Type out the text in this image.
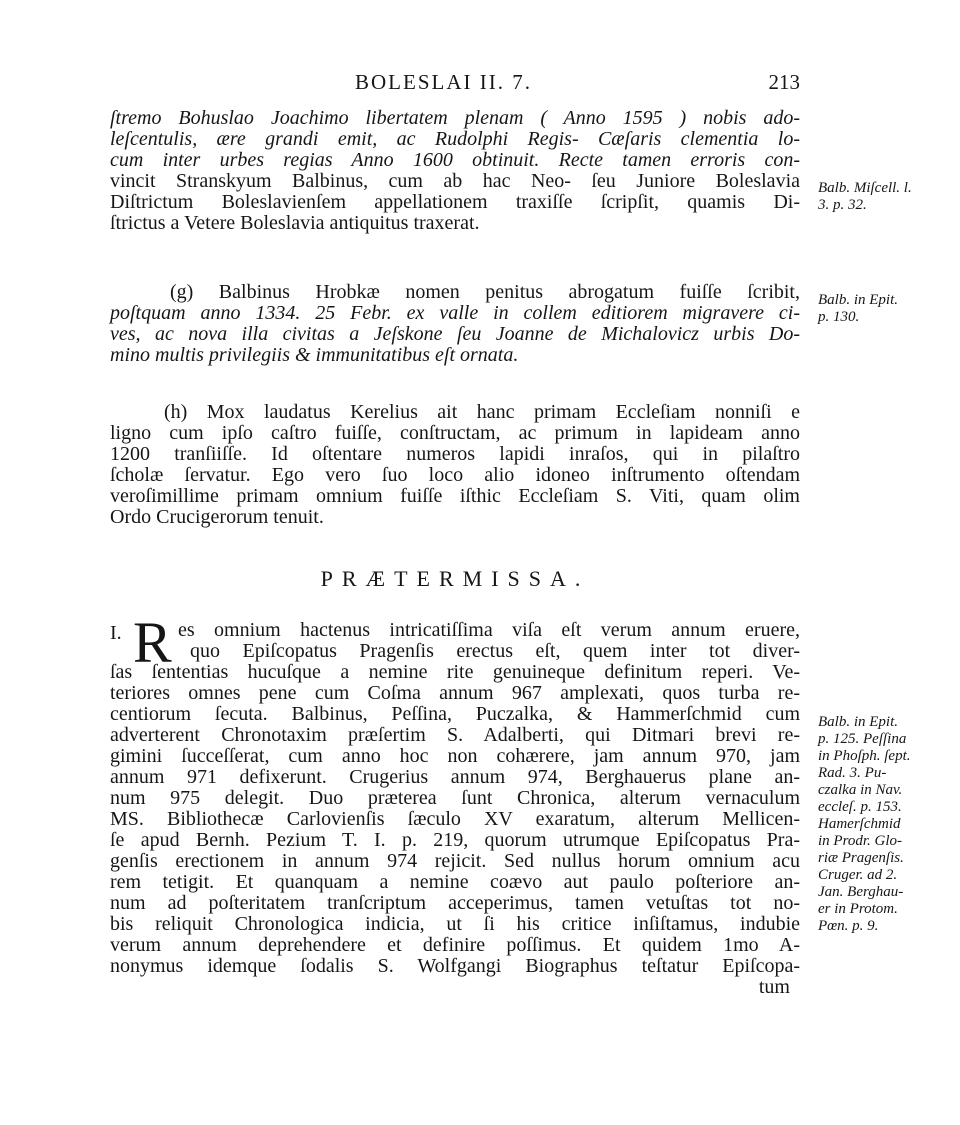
BOLESLAI II. 7.	213
ſtremo Bohuslao Joachimo libertatem plenam ( Anno 1595 ) nobis ado-
leſcentulis, ære grandi emit, ac Rudolphi Regis- Cæſaris clementia lo-
cum inter urbes regias Anno 1600 obtinuit. Recte tamen erroris con-
vincit Stranskyum Balbinus, cum ab hac Neo- ſeu Juniore Boleslavia
Diſtrictum Boleslavienſem appellationem traxiſſe ſcripſit, quamis Di-
ſtrictus a Vetere Boleslavia antiquitus traxerat.
(g) Balbinus Hrobkæ nomen penitus abrogatum fuiſſe ſcribit,
poſtquam anno 1334. 25 Febr. ex valle in collem editiorem migravere ci-
ves, ac nova illa civitas a Jeſskone ſeu Joanne de Michalovicz urbis Do-
mino multis privilegiis & immunitatibus eſt ornata.
(h) Mox laudatus Kerelius ait hanc primam Eccleſiam nonniſi e
ligno cum ipſo caſtro fuiſſe, conſtructam, ac primum in lapideam anno
1200 tranſiiſſe. Id oſtentare numeros lapidi inraſos, qui in pilaſtro
ſcholæ ſervatur. Ego vero ſuo loco alio idoneo inſtrumento oſtendam
veroſimillime primam omnium fuiſſe iſthic Eccleſiam S. Viti, quam olim
Ordo Crucigerorum tenuit.
PRÆTERMISSA.
I. R es omnium hactenus intricatiſſima viſa eſt verum annum eruere,
quo Epiſcopatus Pragenſis erectus eſt, quem inter tot diver-
ſas ſententias hucuſque a nemine rite genuineque definitum reperi. Ve-
teriores omnes pene cum Coſma annum 967 amplexati, quos turba re-
centiorum ſecuta. Balbinus, Peſſina, Puczalka, & Hammerſchmid cum
adverterent Chronotaxim præſertim S. Adalberti, qui Ditmari brevi re-
gimini ſucceſſerat, cum anno hoc non cohærere, jam annum 970, jam
annum 971 defixerunt. Crugerius annum 974, Berghauerus plane an-
num 975 delegit. Duo præterea ſunt Chronica, alterum vernaculum
MS. Bibliothecæ Carlovienſis ſæculo XV exaratum, alterum Mellicen-
ſe apud Bernh. Pezium T. I. p. 219, quorum utrumque Epiſcopatus Pra-
genſis erectionem in annum 974 rejicit. Sed nullus horum omnium acu
rem tetigit. Et quanquam a nemine coævo aut paulo poſteriore an-
num ad poſteritatem tranſcriptum acceperimus, tamen vetuſtas tot no-
bis reliquit Chronologica indicia, ut ſi his critice inſiſtamus, indubie
verum annum deprehendere et definire poſſimus. Et quidem 1mo A-
nonymus idemque ſodalis S. Wolfgangi Biographus teſtatur Epiſcopa-
tum
Balb. Miſcell. l.
3. p. 32.
Balb. in Epit.
p. 130.
Balb. in Epit.
p. 125. Peſſina
in Phoſph. ſept.
Rad. 3. Pu-
czalka in Nav.
eccleſ. p. 153.
Hamerſchmid
in Prodr. Glo-
riæ Pragenſis.
Cruger. ad 2.
Jan. Berghau-
er in Protom.
Pœn. p. 9.
